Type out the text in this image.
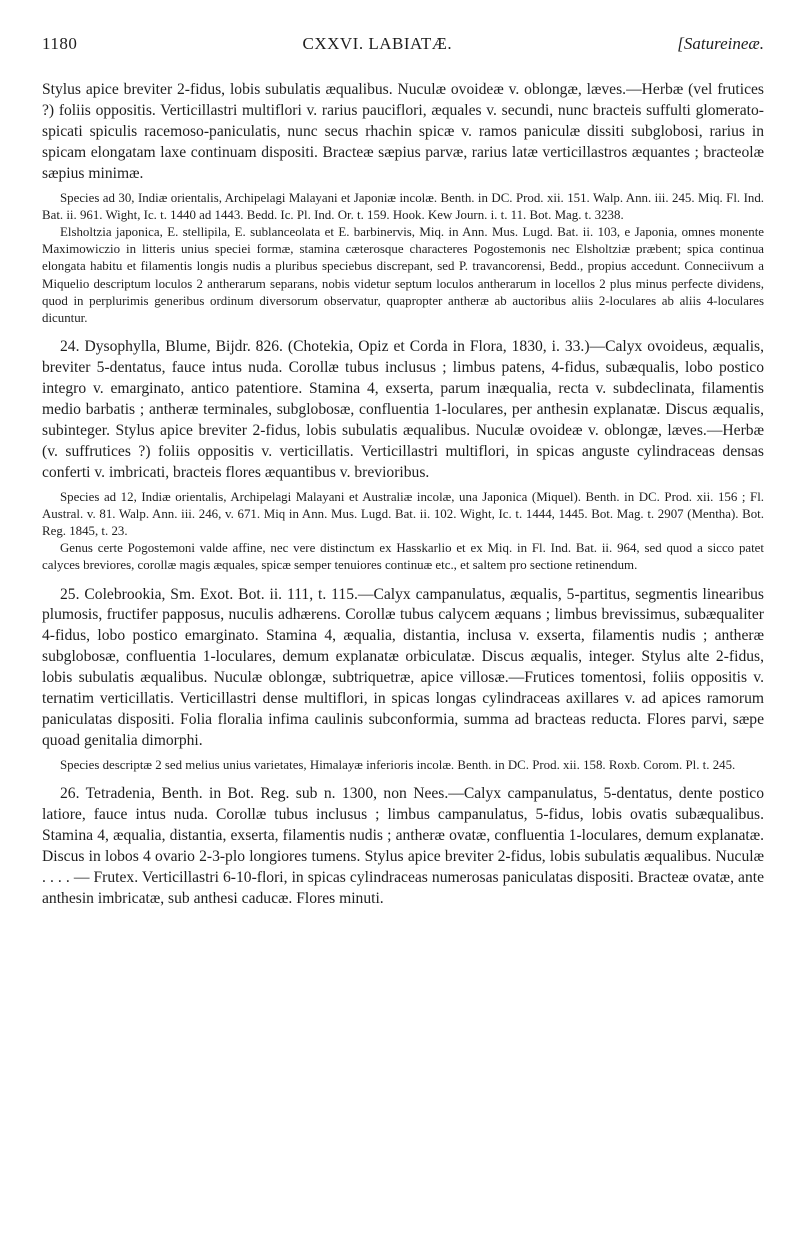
1180	CXXVI. LABIATÆ.	[Satureineæ.

Stylus apice breviter 2-fidus, lobis subulatis æqualibus. Nuculæ ovoideæ v. oblongæ, læves.—Herbæ (vel frutices ?) foliis oppositis. Verticillastri multiflori v. rarius pauciflori, æquales v. secundi, nunc bracteis suffulti glomerato-spicati spiculis racemoso-paniculatis, nunc secus rhachin spicæ v. ramos paniculæ dissiti subglobosi, rarius in spicam elongatam laxe continuam dispositi. Bracteæ sæpius parvæ, rarius latæ verticillastros æquantes ; bracteolæ sæpius minimæ.

Species ad 30, Indiæ orientalis, Archipelagi Malayani et Japoniæ incolæ. Benth. in DC. Prod. xii. 151. Walp. Ann. iii. 245. Miq. Fl. Ind. Bat. ii. 961. Wight, Ic. t. 1440 ad 1443. Bedd. Ic. Pl. Ind. Or. t. 159. Hook. Kew Journ. i. t. 11. Bot. Mag. t. 3238.

Elsholtzia japonica, E. stellipila, E. sublanceolata et E. barbinervis, Miq. in Ann. Mus. Lugd. Bat. ii. 103, e Japonia, omnes monente Maximowiczio in litteris unius speciei formæ, stamina cæterosque characteres Pogostemonis nec Elsholtziæ præbent; spica continua elongata habitu et filamentis longis nudis a pluribus speciebus discrepant, sed P. travancorensi, Bedd., propius accedunt. Conneciivum a Miquelio descriptum loculos 2 antherarum separans, nobis videtur septum loculos antherarum in locellos 2 plus minus perfecte dividens, quod in perplurimis generibus ordinum diversorum observatur, quapropter antheræ ab auctoribus aliis 2-loculares ab aliis 4-loculares dicuntur.

24. Dysophylla, Blume, Bijdr. 826. (Chotekia, Opiz et Corda in Flora, 1830, i. 33.)—Calyx ovoideus, æqualis, breviter 5-dentatus, fauce intus nuda. Corollæ tubus inclusus ; limbus patens, 4-fidus, subæqualis, lobo postico integro v. emarginato, antico patentiore. Stamina 4, exserta, parum inæqualia, recta v. subdeclinata, filamentis medio barbatis ; antheræ terminales, subglobosæ, confluentia 1-loculares, per anthesin explanatæ. Discus æqualis, subinteger. Stylus apice breviter 2-fidus, lobis subulatis æqualibus. Nuculæ ovoideæ v. oblongæ, læves.—Herbæ (v. suffrutices ?) foliis oppositis v. verticillatis. Verticillastri multiflori, in spicas anguste cylindraceas densas conferti v. imbricati, bracteis flores æquantibus v. brevioribus.

Species ad 12, Indiæ orientalis, Archipelagi Malayani et Australiæ incolæ, una Japonica (Miquel). Benth. in DC. Prod. xii. 156 ; Fl. Austral. v. 81. Walp. Ann. iii. 246, v. 671. Miq in Ann. Mus. Lugd. Bat. ii. 102. Wight, Ic. t. 1444, 1445. Bot. Mag. t. 2907 (Mentha). Bot. Reg. 1845, t. 23.

Genus certe Pogostemoni valde affine, nec vere distinctum ex Hasskarlio et ex Miq. in Fl. Ind. Bat. ii. 964, sed quod a sicco patet calyces breviores, corollæ magis æquales, spicæ semper tenuiores continuæ etc., et saltem pro sectione retinendum.

25. Colebrookia, Sm. Exot. Bot. ii. 111, t. 115.—Calyx campanulatus, æqualis, 5-partitus, segmentis linearibus plumosis, fructifer papposus, nuculis adhærens. Corollæ tubus calycem æquans ; limbus brevissimus, subæqualiter 4-fidus, lobo postico emarginato. Stamina 4, æqualia, distantia, inclusa v. exserta, filamentis nudis ; antheræ subglobosæ, confluentia 1-loculares, demum explanatæ orbiculatæ. Discus æqualis, integer. Stylus alte 2-fidus, lobis subulatis æqualibus. Nuculæ oblongæ, subtriquetræ, apice villosæ.—Frutices tomentosi, foliis oppositis v. ternatim verticillatis. Verticillastri dense multiflori, in spicas longas cylindraceas axillares v. ad apices ramorum paniculatas dispositi. Folia floralia infima caulinis subconformia, summa ad bracteas reducta. Flores parvi, sæpe quoad genitalia dimorphi.

Species descriptæ 2 sed melius unius varietates, Himalayæ inferioris incolæ. Benth. in DC. Prod. xii. 158. Roxb. Corom. Pl. t. 245.

26. Tetradenia, Benth. in Bot. Reg. sub n. 1300, non Nees.—Calyx campanulatus, 5-dentatus, dente postico latiore, fauce intus nuda. Corollæ tubus inclusus ; limbus campanulatus, 5-fidus, lobis ovatis subæqualibus. Stamina 4, æqualia, distantia, exserta, filamentis nudis ; antheræ ovatæ, confluentia 1-loculares, demum explanatæ. Discus in lobos 4 ovario 2-3-plo longiores tumens. Stylus apice breviter 2-fidus, lobis subulatis æqualibus. Nuculæ . . . . — Frutex. Verticillastri 6-10-flori, in spicas cylindraceas numerosas paniculatas dispositi. Bracteæ ovatæ, ante anthesin imbricatæ, sub anthesi caducæ. Flores minuti.
